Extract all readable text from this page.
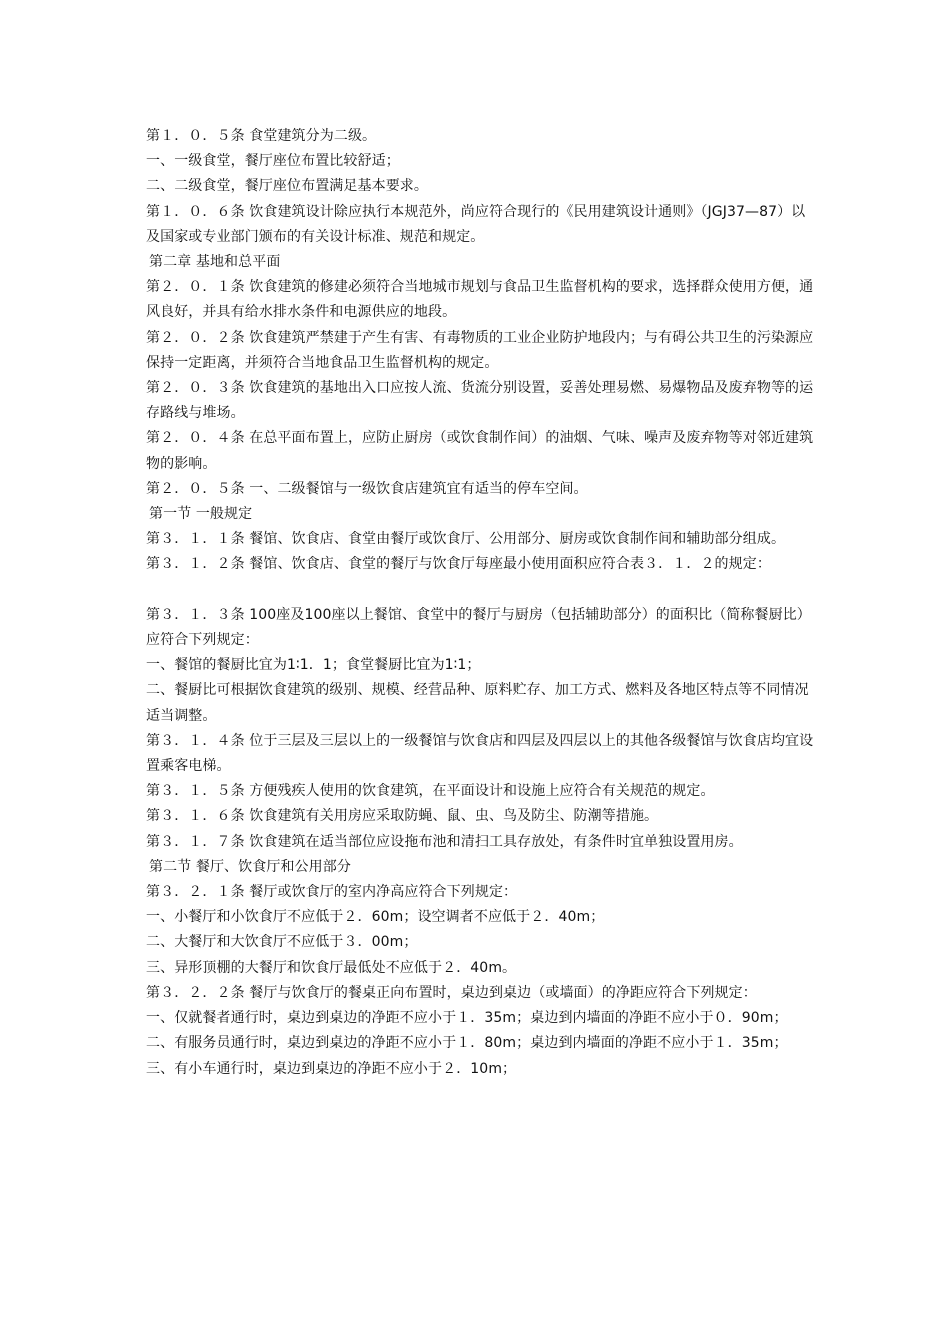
第１．０．５条 食堂建筑分为二级。

一、一级食堂，餐厅座位布置比较舒适；

二、二级食堂，餐厅座位布置满足基本要求。

第１．０．６条 饮食建筑设计除应执行本规范外，尚应符合现行的《民用建筑设计通则》（JGJ37—87）以及国家或专业部门颁布的有关设计标准、规范和规定。

第二章 基地和总平面

第２．０．１条 饮食建筑的修建必须符合当地城市规划与食品卫生监督机构的要求，选择群众使用方便，通风良好，并具有给水排水条件和电源供应的地段。

第２．０．２条 饮食建筑严禁建于产生有害、有毒物质的工业企业防护地段内；与有碍公共卫生的污染源应保持一定距离，并须符合当地食品卫生监督机构的规定。

第２．０．３条 饮食建筑的基地出入口应按人流、货流分别设置，妥善处理易燃、易爆物品及废弃物等的运存路线与堆场。

第２．０．４条 在总平面布置上，应防止厨房（或饮食制作间）的油烟、气味、噪声及废弃物等对邻近建筑物的影响。

第２．０．５条 一、二级餐馆与一级饮食店建筑宜有适当的停车空间。

第一节 一般规定

第３．１．１条 餐馆、饮食店、食堂由餐厅或饮食厅、公用部分、厨房或饮食制作间和辅助部分组成。

第３．１．２条 餐馆、饮食店、食堂的餐厅与饮食厅每座最小使用面积应符合表３．１．２的规定：

第３．１．３条 100座及100座以上餐馆、食堂中的餐厅与厨房（包括辅助部分）的面积比（简称餐厨比）应符合下列规定：

一、餐馆的餐厨比宜为1∶1．1；食堂餐厨比宜为1∶1；

二、餐厨比可根据饮食建筑的级别、规模、经营品种、原料贮存、加工方式、燃料及各地区特点等不同情况适当调整。

第３．１．４条 位于三层及三层以上的一级餐馆与饮食店和四层及四层以上的其他各级餐馆与饮食店均宜设置乘客电梯。

第３．１．５条 方便残疾人使用的饮食建筑，在平面设计和设施上应符合有关规范的规定。

第３．１．６条 饮食建筑有关用房应采取防蝇、鼠、虫、鸟及防尘、防潮等措施。

第３．１．７条 饮食建筑在适当部位应设拖布池和清扫工具存放处，有条件时宜单独设置用房。

第二节 餐厅、饮食厅和公用部分

第３．２．１条 餐厅或饮食厅的室内净高应符合下列规定：

一、小餐厅和小饮食厅不应低于２．60m；设空调者不应低于２．40m；

二、大餐厅和大饮食厅不应低于３．00m；

三、异形顶棚的大餐厅和饮食厅最低处不应低于２．40m。

第３．２．２条 餐厅与饮食厅的餐桌正向布置时，桌边到桌边（或墙面）的净距应符合下列规定：

一、仅就餐者通行时，桌边到桌边的净距不应小于１．35m；桌边到内墙面的净距不应小于０．90m；

二、有服务员通行时，桌边到桌边的净距不应小于１．80m；桌边到内墙面的净距不应小于１．35m；

三、有小车通行时，桌边到桌边的净距不应小于２．10m；
